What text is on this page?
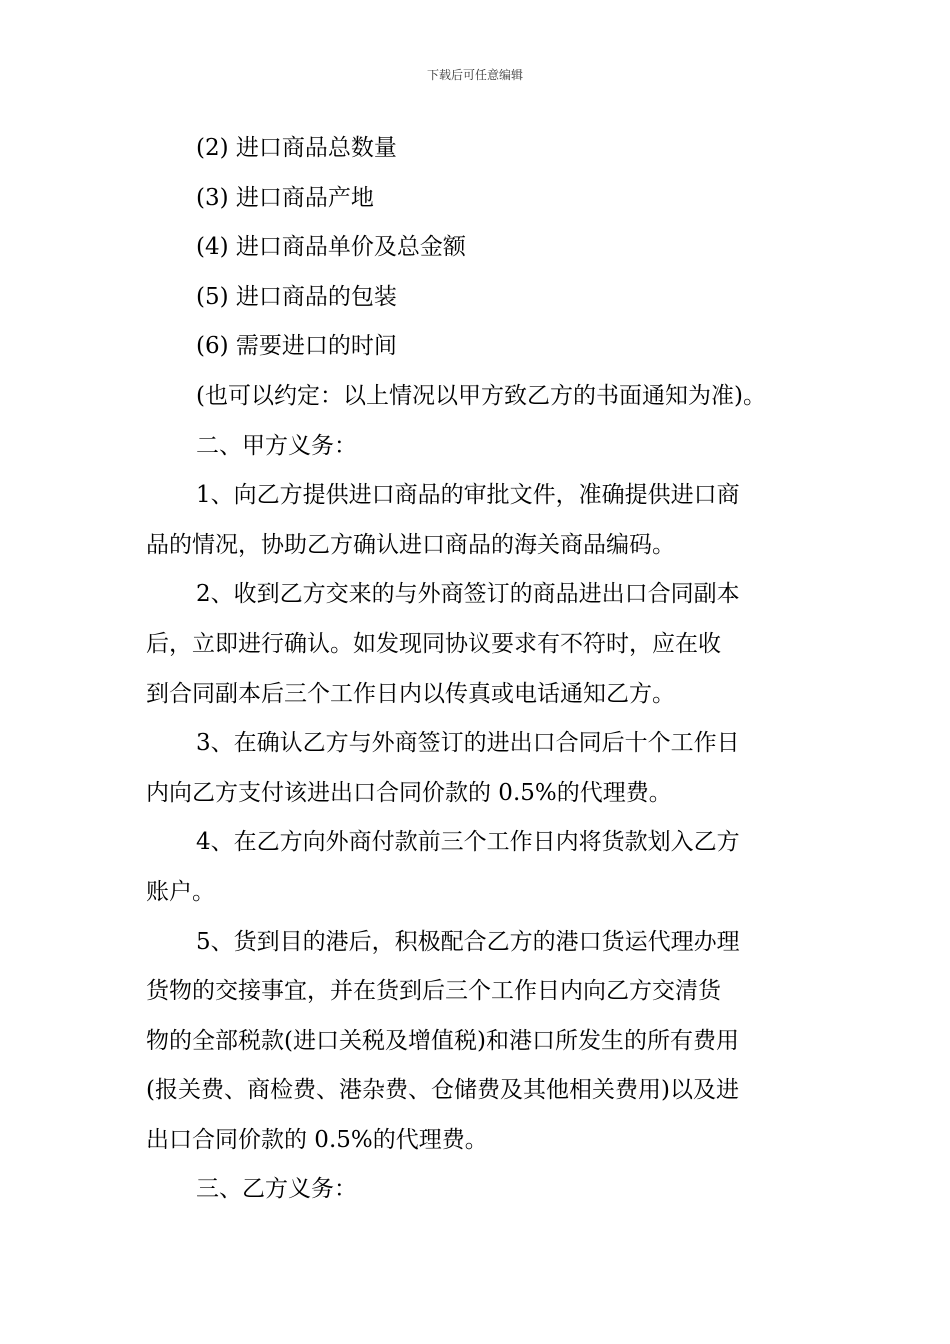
下载后可任意编辑
(2) 进口商品总数量
(3) 进口商品产地
(4) 进口商品单价及总金额
(5) 进口商品的包装
(6) 需要进口的时间
(也可以约定：以上情况以甲方致乙方的书面通知为准)。
二、甲方义务：
1、向乙方提供进口商品的审批文件，准确提供进口商
品的情况，协助乙方确认进口商品的海关商品编码。
2、收到乙方交来的与外商签订的商品进出口合同副本
后，立即进行确认。如发现同协议要求有不符时，应在收
到合同副本后三个工作日内以传真或电话通知乙方。
3、在确认乙方与外商签订的进出口合同后十个工作日
内向乙方支付该进出口合同价款的 0.5%的代理费。
4、在乙方向外商付款前三个工作日内将货款划入乙方
账户。
5、货到目的港后，积极配合乙方的港口货运代理办理
货物的交接事宜，并在货到后三个工作日内向乙方交清货
物的全部税款(进口关税及增值税)和港口所发生的所有费用
(报关费、商检费、港杂费、仓储费及其他相关费用)以及进
出口合同价款的 0.5%的代理费。
三、乙方义务：
